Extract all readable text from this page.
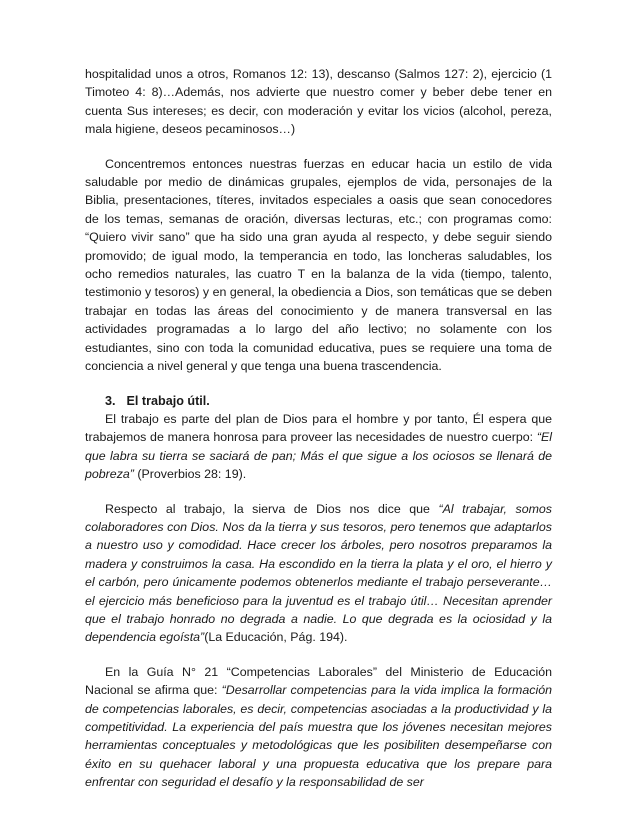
hospitalidad unos a otros, Romanos 12: 13), descanso (Salmos 127: 2), ejercicio (1 Timoteo 4: 8)…Además, nos advierte que nuestro comer y beber debe tener en cuenta Sus intereses; es decir, con moderación y evitar los vicios (alcohol, pereza, mala higiene, deseos pecaminosos…)

Concentremos entonces nuestras fuerzas en educar hacia un estilo de vida saludable por medio de dinámicas grupales, ejemplos de vida, personajes de la Biblia, presentaciones, títeres, invitados especiales a oasis que sean conocedores de los temas, semanas de oración, diversas lecturas, etc.; con programas como: “Quiero vivir sano” que ha sido una gran ayuda al respecto, y debe seguir siendo promovido; de igual modo, la temperancia en todo, las loncheras saludables, los ocho remedios naturales, las cuatro T en la balanza de la vida (tiempo, talento, testimonio y tesoros) y en general, la obediencia a Dios, son temáticas que se deben trabajar en todas las áreas del conocimiento y de manera transversal en las actividades programadas a lo largo del año lectivo; no solamente con los estudiantes, sino con toda la comunidad educativa, pues se requiere una toma de conciencia a nivel general y que tenga una buena trascendencia.

3. El trabajo útil.

El trabajo es parte del plan de Dios para el hombre y por tanto, Él espera que trabajemos de manera honrosa para proveer las necesidades de nuestro cuerpo: “El que labra su tierra se saciará de pan; Más el que sigue a los ociosos se llenará de pobreza” (Proverbios 28: 19).

Respecto al trabajo, la sierva de Dios nos dice que “Al trabajar, somos colaboradores con Dios. Nos da la tierra y sus tesoros, pero tenemos que adaptarlos a nuestro uso y comodidad. Hace crecer los árboles, pero nosotros preparamos la madera y construimos la casa. Ha escondido en la tierra la plata y el oro, el hierro y el carbón, pero únicamente podemos obtenerlos mediante el trabajo perseverante… el ejercicio más beneficioso para la juventud es el trabajo útil… Necesitan aprender que el trabajo honrado no degrada a nadie. Lo que degrada es la ociosidad y la dependencia egoísta”(La Educación, Pág. 194).

En la Guía N° 21 “Competencias Laborales” del Ministerio de Educación Nacional se afirma que: “Desarrollar competencias para la vida implica la formación de competencias laborales, es decir, competencias asociadas a la productividad y la competitividad. La experiencia del país muestra que los jóvenes necesitan mejores herramientas conceptuales y metodológicas que les posibiliten desempeñarse con éxito en su quehacer laboral y una propuesta educativa que los prepare para enfrentar con seguridad el desafío y la responsabilidad de ser
